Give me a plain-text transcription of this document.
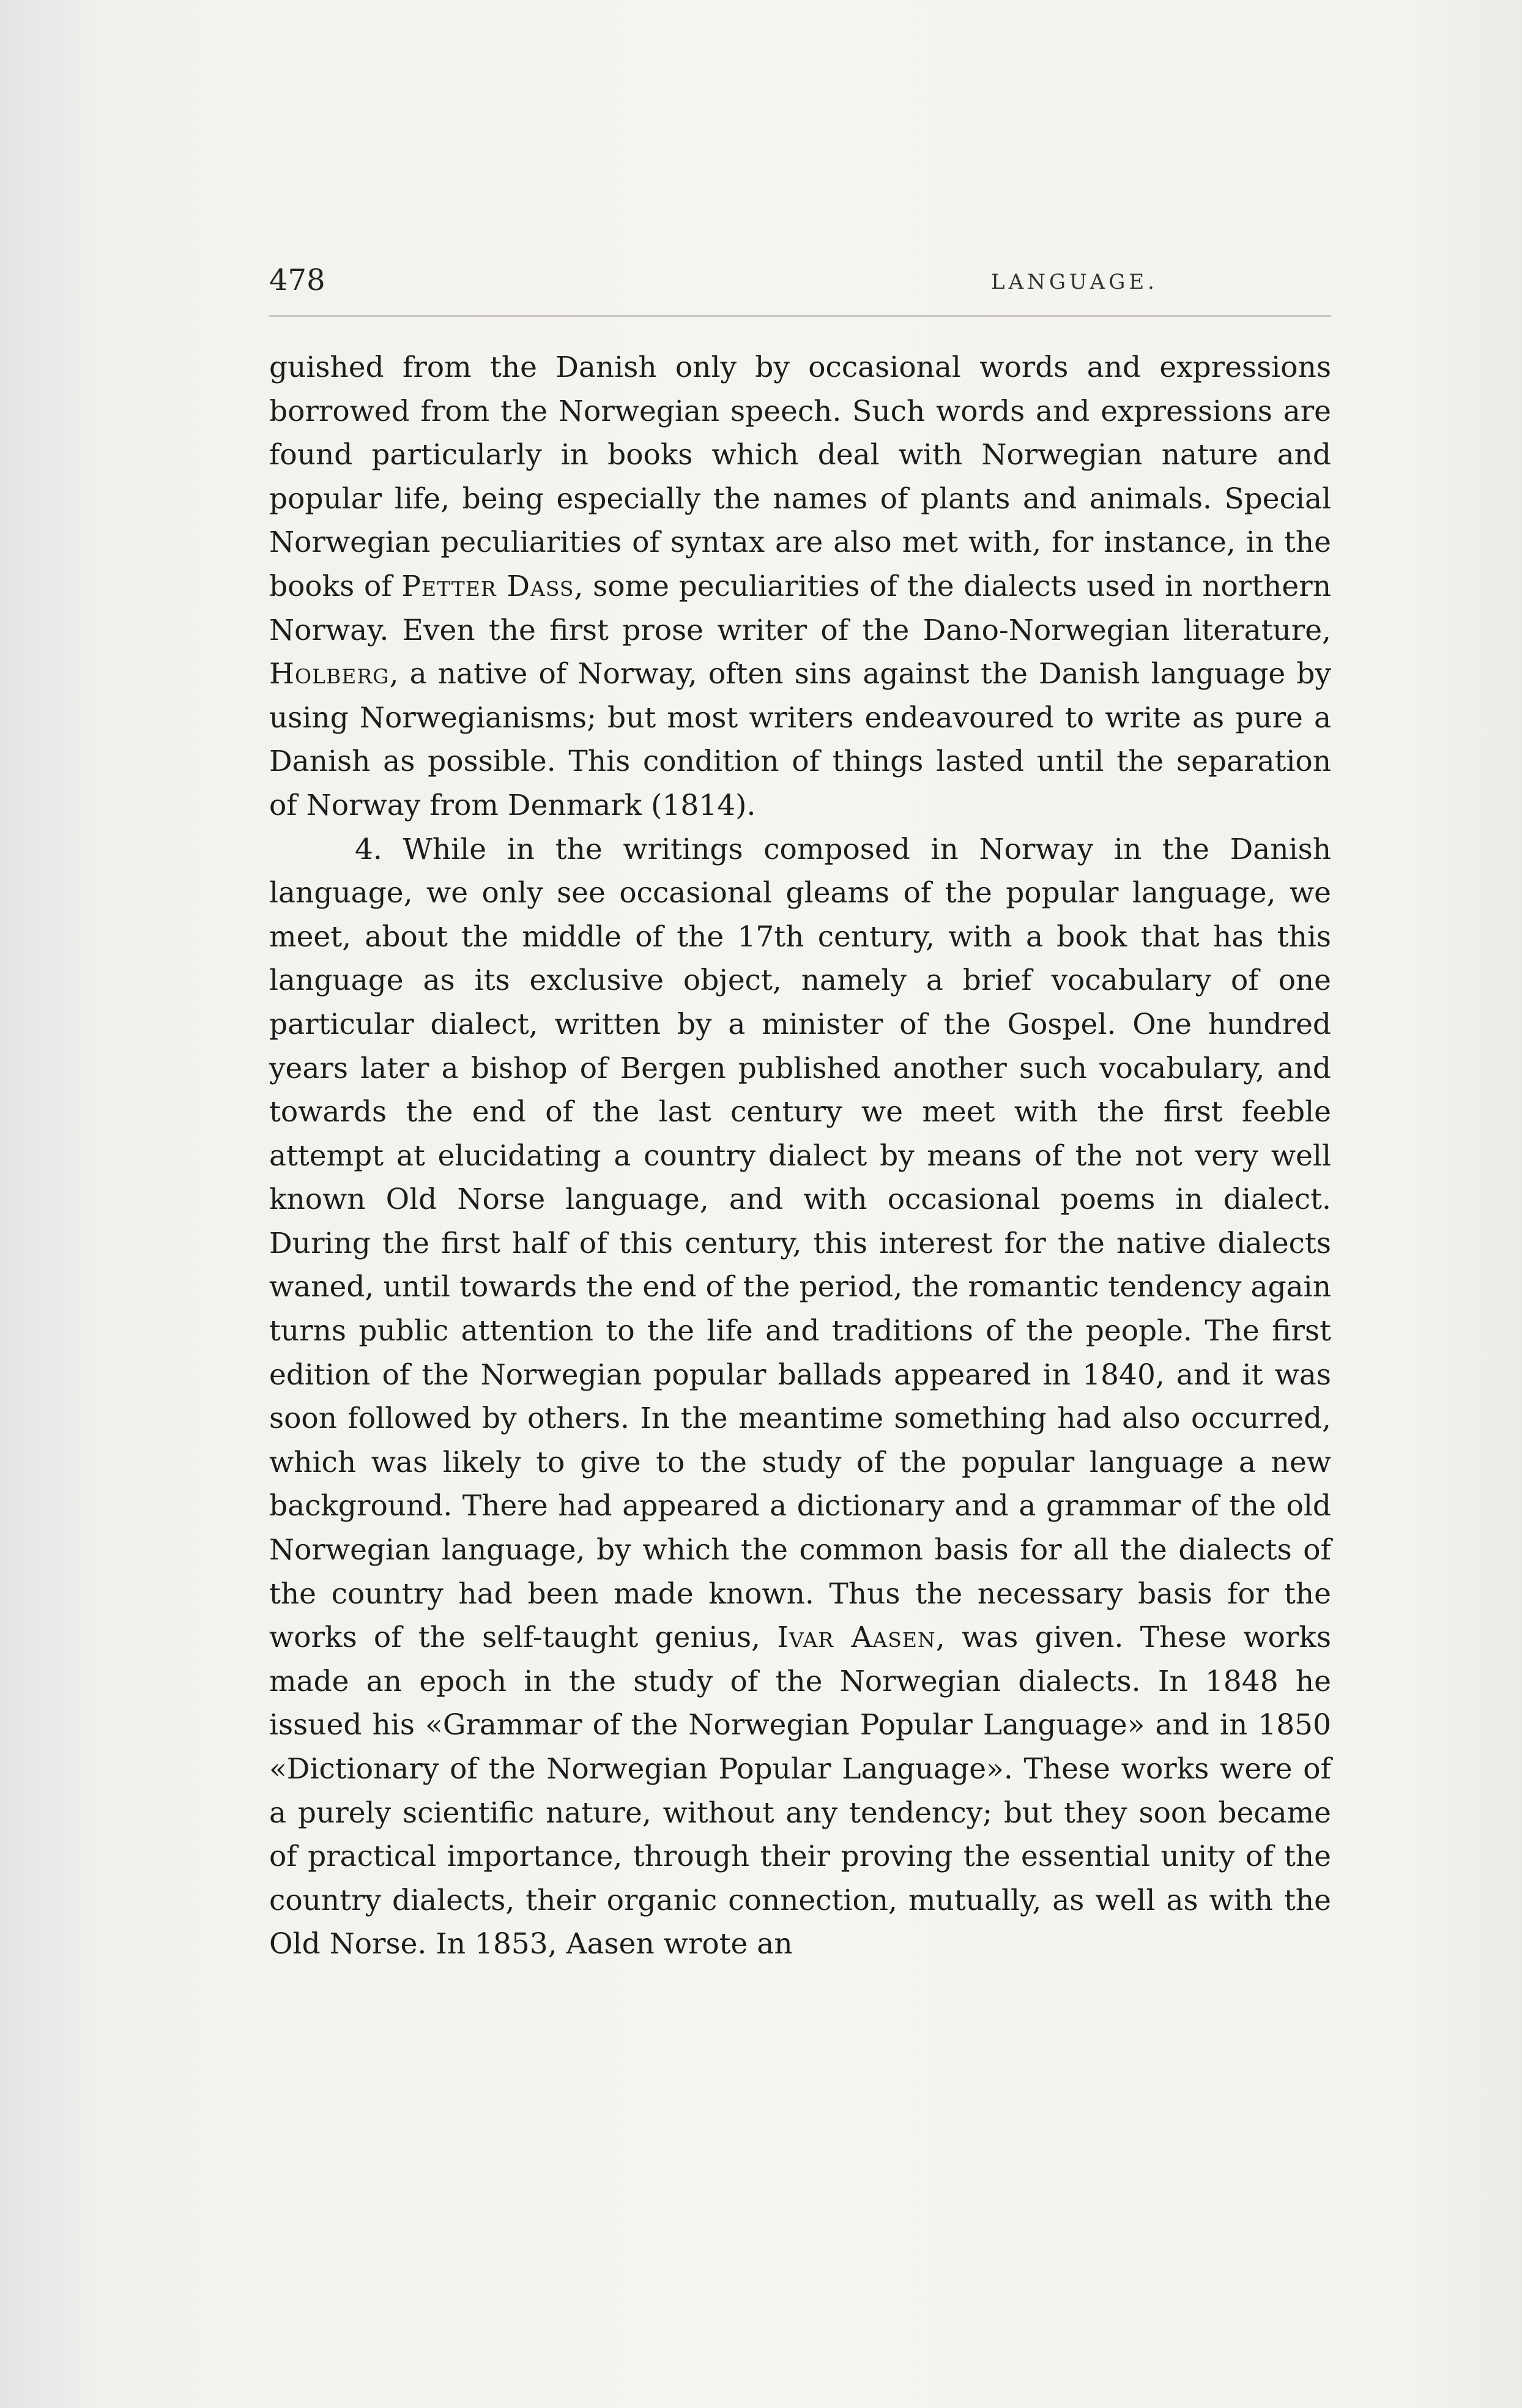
478	LANGUAGE.

guished from the Danish only by occasional words and expressions borrowed from the Norwegian speech. Such words and expressions are found particularly in books which deal with Norwegian nature and popular life, being especially the names of plants and animals. Special Norwegian peculiarities of syntax are also met with, for instance, in the books of Petter Dass, some peculiarities of the dialects used in northern Norway. Even the first prose writer of the Dano-Norwegian literature, Holberg, a native of Norway, often sins against the Danish language by using Norwegianisms; but most writers endeavoured to write as pure a Danish as possible. This condition of things lasted until the separation of Norway from Denmark (1814).

4. While in the writings composed in Norway in the Danish language, we only see occasional gleams of the popular language, we meet, about the middle of the 17th century, with a book that has this language as its exclusive object, namely a brief vocabulary of one particular dialect, written by a minister of the Gospel. One hundred years later a bishop of Bergen published another such vocabulary, and towards the end of the last century we meet with the first feeble attempt at elucidating a country dialect by means of the not very well known Old Norse language, and with occasional poems in dialect. During the first half of this century, this interest for the native dialects waned, until towards the end of the period, the romantic tendency again turns public attention to the life and traditions of the people. The first edition of the Norwegian popular ballads appeared in 1840, and it was soon followed by others. In the meantime something had also occurred, which was likely to give to the study of the popular language a new background. There had appeared a dictionary and a grammar of the old Norwegian language, by which the common basis for all the dialects of the country had been made known. Thus the necessary basis for the works of the self-taught genius, Ivar Aasen, was given. These works made an epoch in the study of the Norwegian dialects. In 1848 he issued his «Grammar of the Norwegian Popular Language» and in 1850 «Dictionary of the Norwegian Popular Language». These works were of a purely scientific nature, without any tendency; but they soon became of practical importance, through their proving the essential unity of the country dialects, their organic connection, mutually, as well as with the Old Norse. In 1853, Aasen wrote an
